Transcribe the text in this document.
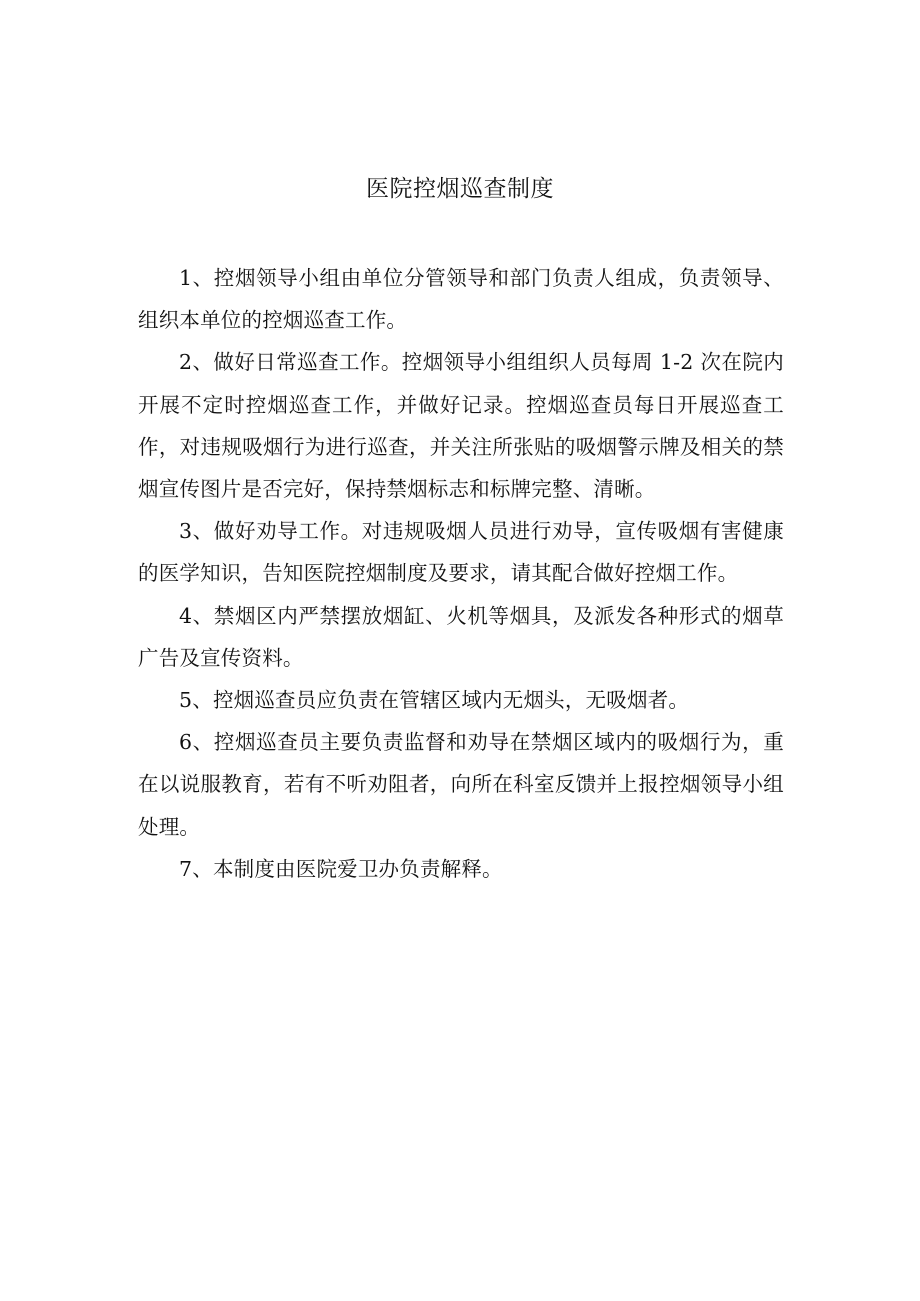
医院控烟巡查制度

1、控烟领导小组由单位分管领导和部门负责人组成，负责领导、组织本单位的控烟巡查工作。

2、做好日常巡查工作。控烟领导小组组织人员每周 1-2 次在院内开展不定时控烟巡查工作，并做好记录。控烟巡查员每日开展巡查工作，对违规吸烟行为进行巡查，并关注所张贴的吸烟警示牌及相关的禁烟宣传图片是否完好，保持禁烟标志和标牌完整、清晰。

3、做好劝导工作。对违规吸烟人员进行劝导，宣传吸烟有害健康的医学知识，告知医院控烟制度及要求，请其配合做好控烟工作。

4、禁烟区内严禁摆放烟缸、火机等烟具，及派发各种形式的烟草广告及宣传资料。

5、控烟巡查员应负责在管辖区域内无烟头，无吸烟者。

6、控烟巡查员主要负责监督和劝导在禁烟区域内的吸烟行为，重在以说服教育，若有不听劝阻者，向所在科室反馈并上报控烟领导小组处理。

7、本制度由医院爱卫办负责解释。
